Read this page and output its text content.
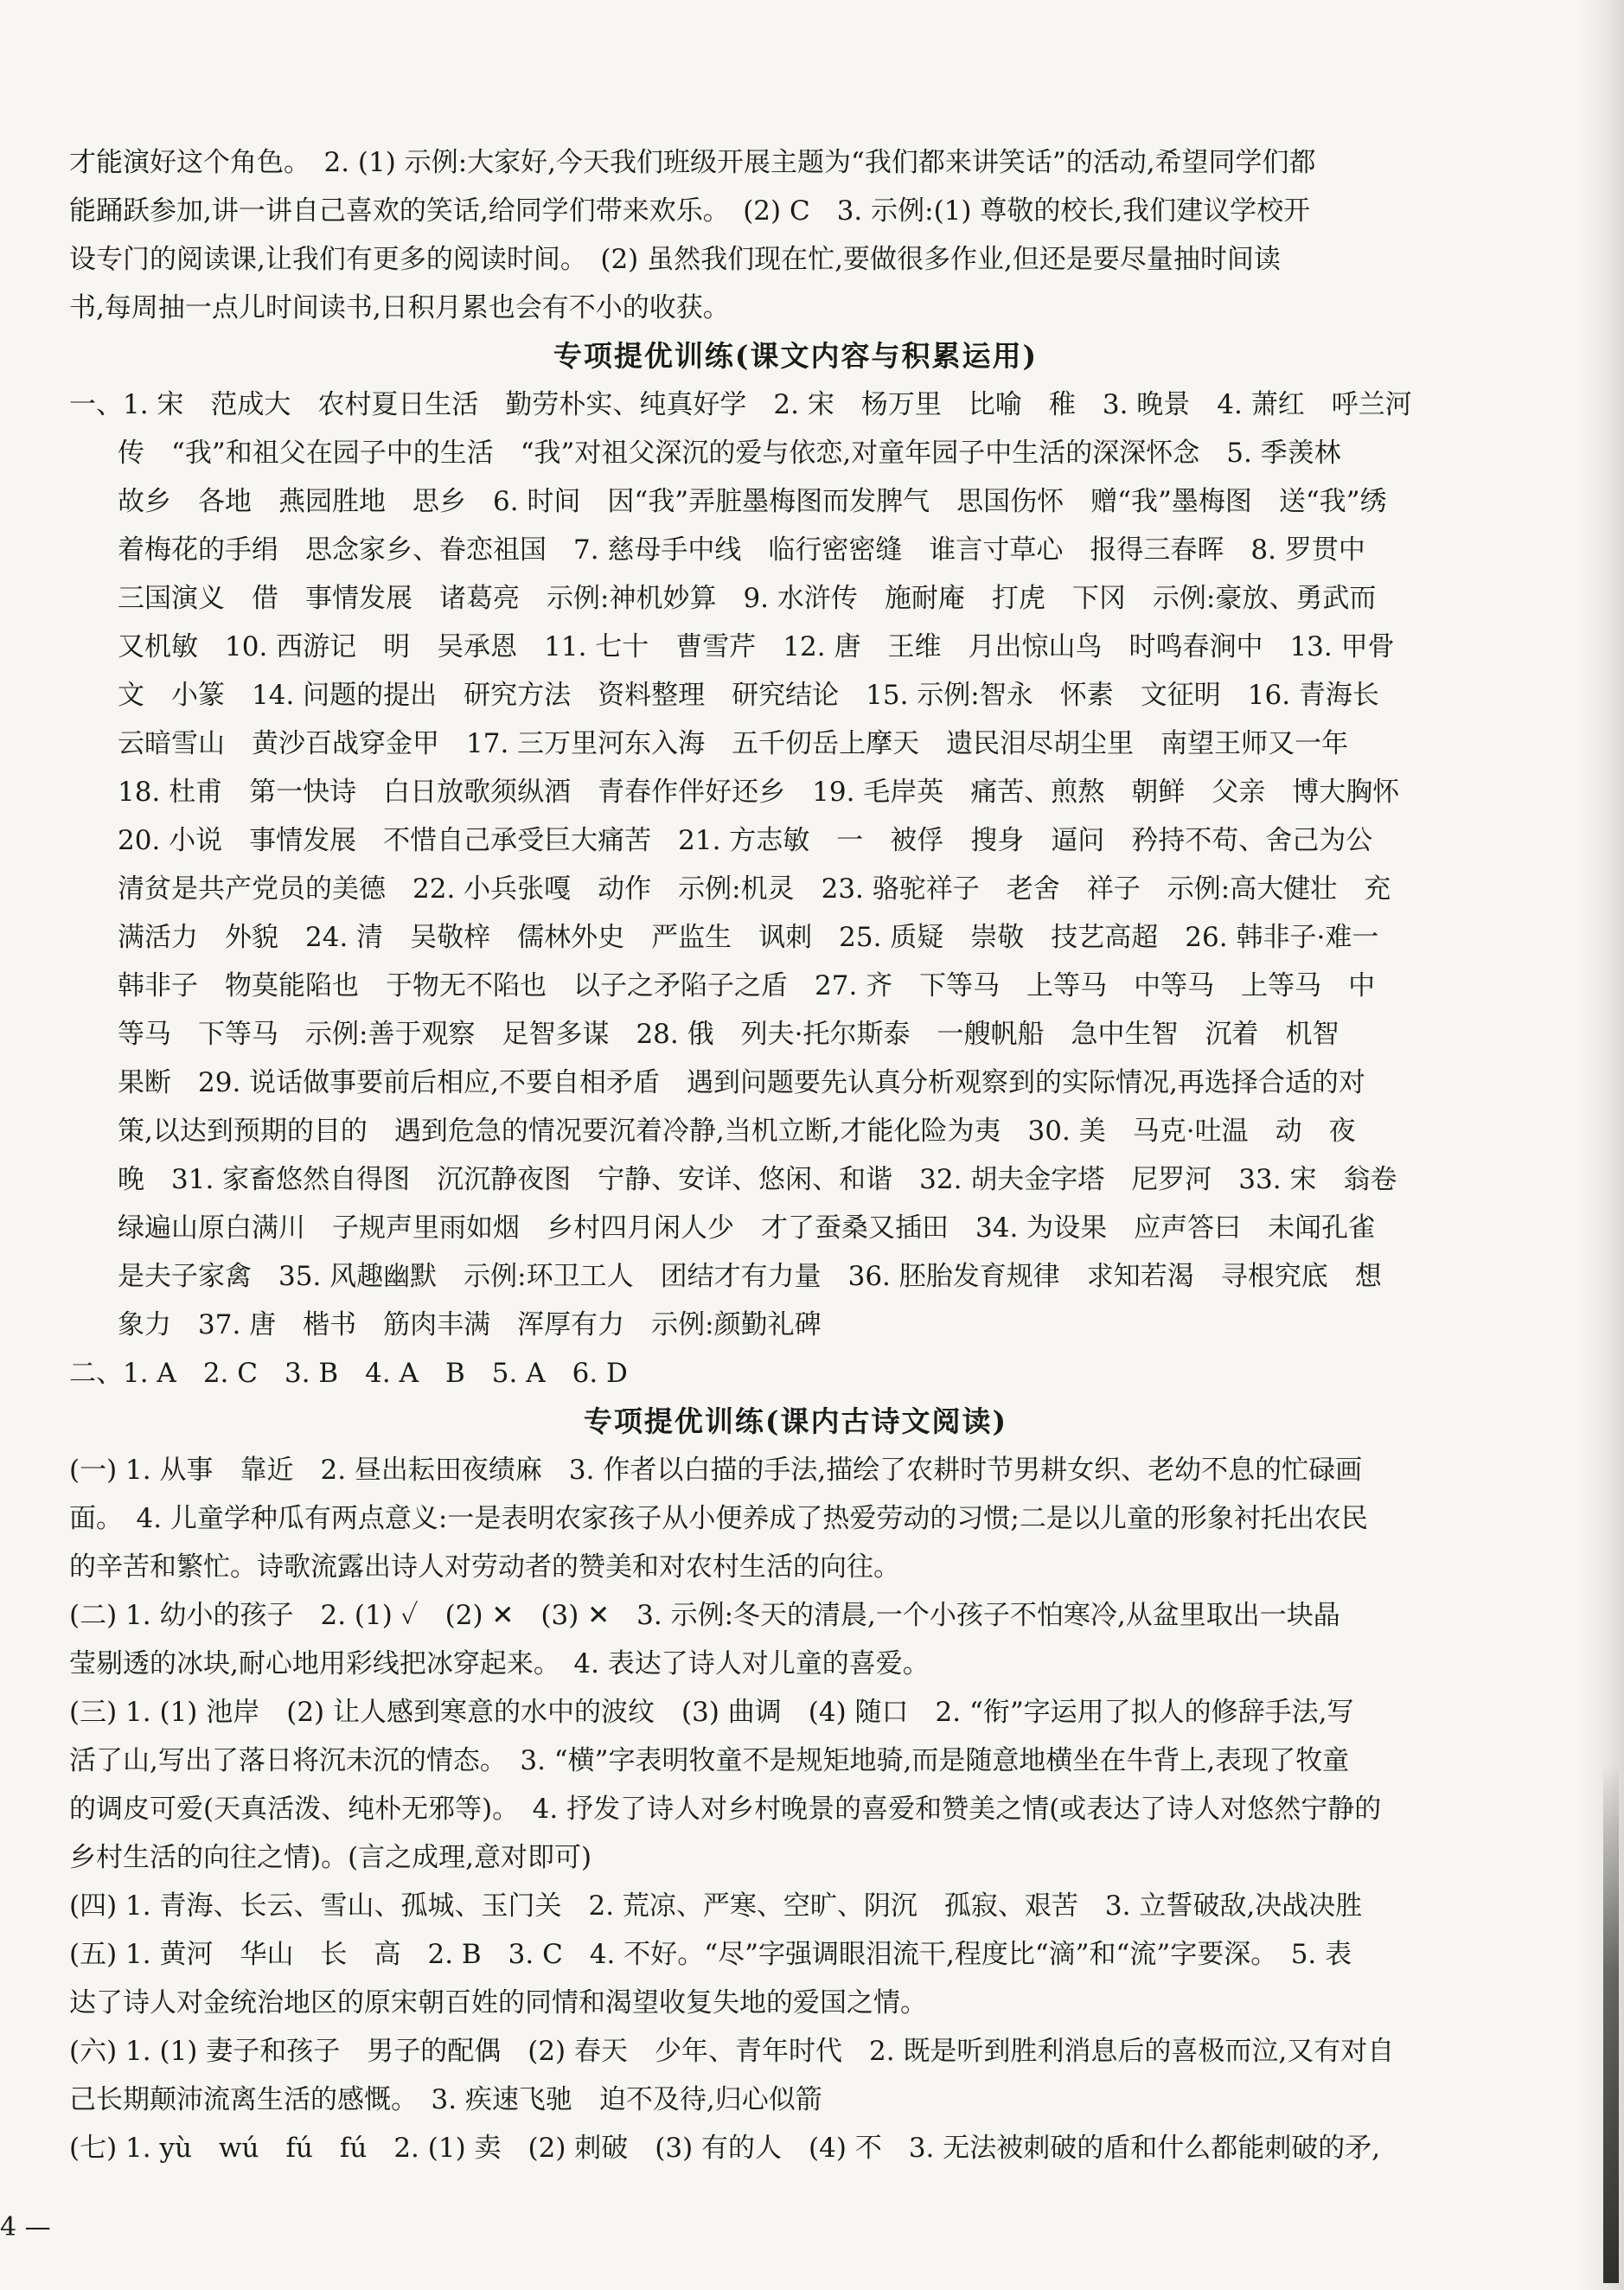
才能演好这个角色。　2. (1) 示例:大家好,今天我们班级开展主题为“我们都来讲笑话”的活动,希望同学们都
能踊跃参加,讲一讲自己喜欢的笑话,给同学们带来欢乐。　(2) C　3. 示例:(1) 尊敬的校长,我们建议学校开
设专门的阅读课,让我们有更多的阅读时间。　(2) 虽然我们现在忙,要做很多作业,但还是要尽量抽时间读
书,每周抽一点儿时间读书,日积月累也会有不小的收获。
专项提优训练(课文内容与积累运用)
一、1. 宋　范成大　农村夏日生活　勤劳朴实、纯真好学　2. 宋　杨万里　比喻　稚　3. 晚景　4. 萧红　呼兰河
传　“我”和祖父在园子中的生活　“我”对祖父深沉的爱与依恋,对童年园子中生活的深深怀念　5. 季羡林
故乡　各地　燕园胜地　思乡　6. 时间　因“我”弄脏墨梅图而发脾气　思国伤怀　赠“我”墨梅图　送“我”绣
着梅花的手绢　思念家乡、眷恋祖国　7. 慈母手中线　临行密密缝　谁言寸草心　报得三春晖　8. 罗贯中
三国演义　借　事情发展　诸葛亮　示例:神机妙算　9. 水浒传　施耐庵　打虎　下冈　示例:豪放、勇武而
又机敏　10. 西游记　明　吴承恩　11. 七十　曹雪芹　12. 唐　王维　月出惊山鸟　时鸣春涧中　13. 甲骨
文　小篆　14. 问题的提出　研究方法　资料整理　研究结论　15. 示例:智永　怀素　文征明　16. 青海长
云暗雪山　黄沙百战穿金甲　17. 三万里河东入海　五千仞岳上摩天　遗民泪尽胡尘里　南望王师又一年
18. 杜甫　第一快诗　白日放歌须纵酒　青春作伴好还乡　19. 毛岸英　痛苦、煎熬　朝鲜　父亲　博大胸怀
20. 小说　事情发展　不惜自己承受巨大痛苦　21. 方志敏　一　被俘　搜身　逼问　矜持不苟、舍己为公
清贫是共产党员的美德　22. 小兵张嘎　动作　示例:机灵　23. 骆驼祥子　老舍　祥子　示例:高大健壮　充
满活力　外貌　24. 清　吴敬梓　儒林外史　严监生　讽刺　25. 质疑　崇敬　技艺高超　26. 韩非子·难一
韩非子　物莫能陷也　于物无不陷也　以子之矛陷子之盾　27. 齐　下等马　上等马　中等马　上等马　中
等马　下等马　示例:善于观察　足智多谋　28. 俄　列夫·托尔斯泰　一艘帆船　急中生智　沉着　机智
果断　29. 说话做事要前后相应,不要自相矛盾　遇到问题要先认真分析观察到的实际情况,再选择合适的对
策,以达到预期的目的　遇到危急的情况要沉着冷静,当机立断,才能化险为夷　30. 美　马克·吐温　动　夜
晚　31. 家畜悠然自得图　沉沉静夜图　宁静、安详、悠闲、和谐　32. 胡夫金字塔　尼罗河　33. 宋　翁卷
绿遍山原白满川　子规声里雨如烟　乡村四月闲人少　才了蚕桑又插田　34. 为设果　应声答曰　未闻孔雀
是夫子家禽　35. 风趣幽默　示例:环卫工人　团结才有力量　36. 胚胎发育规律　求知若渴　寻根究底　想
象力　37. 唐　楷书　筋肉丰满　浑厚有力　示例:颜勤礼碑
二、1. A　2. C　3. B　4. A　B　5. A　6. D
专项提优训练(课内古诗文阅读)
(一) 1. 从事　靠近　2. 昼出耘田夜绩麻　3. 作者以白描的手法,描绘了农耕时节男耕女织、老幼不息的忙碌画
面。　4. 儿童学种瓜有两点意义:一是表明农家孩子从小便养成了热爱劳动的习惯;二是以儿童的形象衬托出农民
的辛苦和繁忙。诗歌流露出诗人对劳动者的赞美和对农村生活的向往。
(二) 1. 幼小的孩子　2. (1) ✓　(2) ✕　(3) ✕　3. 示例:冬天的清晨,一个小孩子不怕寒冷,从盆里取出一块晶
莹剔透的冰块,耐心地用彩线把冰穿起来。　4. 表达了诗人对儿童的喜爱。
(三) 1. (1) 池岸　(2) 让人感到寒意的水中的波纹　(3) 曲调　(4) 随口　2. “衔”字运用了拟人的修辞手法,写
活了山,写出了落日将沉未沉的情态。　3. “横”字表明牧童不是规矩地骑,而是随意地横坐在牛背上,表现了牧童
的调皮可爱(天真活泼、纯朴无邪等)。　4. 抒发了诗人对乡村晚景的喜爱和赞美之情(或表达了诗人对悠然宁静的
乡村生活的向往之情)。(言之成理,意对即可)
(四) 1. 青海、长云、雪山、孤城、玉门关　2. 荒凉、严寒、空旷、阴沉　孤寂、艰苦　3. 立誓破敌,决战决胜
(五) 1. 黄河　华山　长　高　2. B　3. C　4. 不好。“尽”字强调眼泪流干,程度比“滴”和“流”字要深。　5. 表
达了诗人对金统治地区的原宋朝百姓的同情和渴望收复失地的爱国之情。
(六) 1. (1) 妻子和孩子　男子的配偶　(2) 春天　少年、青年时代　2. 既是听到胜利消息后的喜极而泣,又有对自
己长期颠沛流离生活的感慨。　3. 疾速飞驰　迫不及待,归心似箭
(七) 1. yù　wú　fú　fú　2. (1) 卖　(2) 刺破　(3) 有的人　(4) 不　3. 无法被刺破的盾和什么都能刺破的矛,
4 —
